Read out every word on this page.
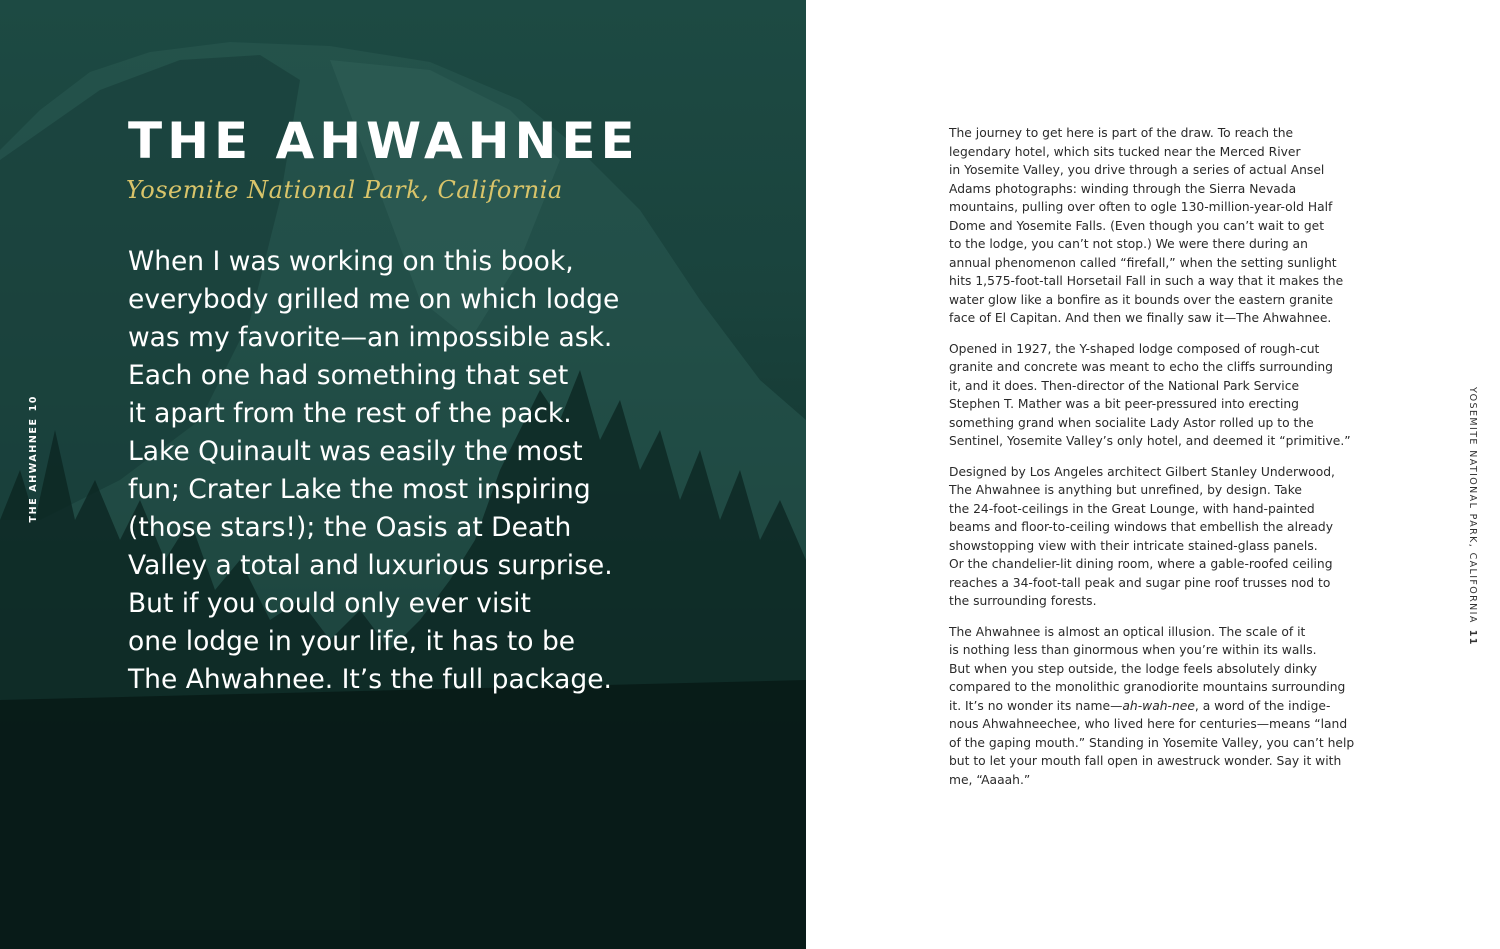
THE AHWAHNEE
Yosemite National Park, California
When I was working on this book,
everybody grilled me on which lodge
was my favorite—an impossible ask.
Each one had something that set
it apart from the rest of the pack.
Lake Quinault was easily the most
fun; Crater Lake the most inspiring
(those stars!); the Oasis at Death
Valley a total and luxurious surprise.
But if you could only ever visit
one lodge in your life, it has to be
The Ahwahnee. It’s the full package.
THE AHWAHNEE10

The journey to get here is part of the draw. To reach the
legendary hotel, which sits tucked near the Merced River
in Yosemite Valley, you drive through a series of actual Ansel
Adams photographs: winding through the Sierra Nevada
mountains, pulling over often to ogle 130-million-year-old Half
Dome and Yosemite Falls. (Even though you can’t wait to get
to the lodge, you can’t not stop.) We were there during an
annual phenomenon called “firefall,” when the setting sunlight
hits 1,575-foot-tall Horsetail Fall in such a way that it makes the
water glow like a bonfire as it bounds over the eastern granite
face of El Capitan. And then we finally saw it—The Ahwahnee.

Opened in 1927, the Y-shaped lodge composed of rough-cut
granite and concrete was meant to echo the cliffs surrounding
it, and it does. Then-director of the National Park Service
Stephen T. Mather was a bit peer-pressured into erecting
something grand when socialite Lady Astor rolled up to the
Sentinel, Yosemite Valley’s only hotel, and deemed it “primitive.”

Designed by Los Angeles architect Gilbert Stanley Underwood,
The Ahwahnee is anything but unrefined, by design. Take
the 24-foot-ceilings in the Great Lounge, with hand-painted
beams and floor-to-ceiling windows that embellish the already
showstopping view with their intricate stained-glass panels.
Or the chandelier-lit dining room, where a gable-roofed ceiling
reaches a 34-foot-tall peak and sugar pine roof trusses nod to
the surrounding forests.

The Ahwahnee is almost an optical illusion. The scale of it
is nothing less than ginormous when you’re within its walls.
But when you step outside, the lodge feels absolutely dinky
compared to the monolithic granodiorite mountains surrounding
it. It’s no wonder its name—ah-wah-nee, a word of the indige-
nous Ahwahneechee, who lived here for centuries—means “land
of the gaping mouth.” Standing in Yosemite Valley, you can’t help
but to let your mouth fall open in awestruck wonder. Say it with
me, “Aaaah.”

YOSEMITE NATIONAL PARK, CALIFORNIA11
